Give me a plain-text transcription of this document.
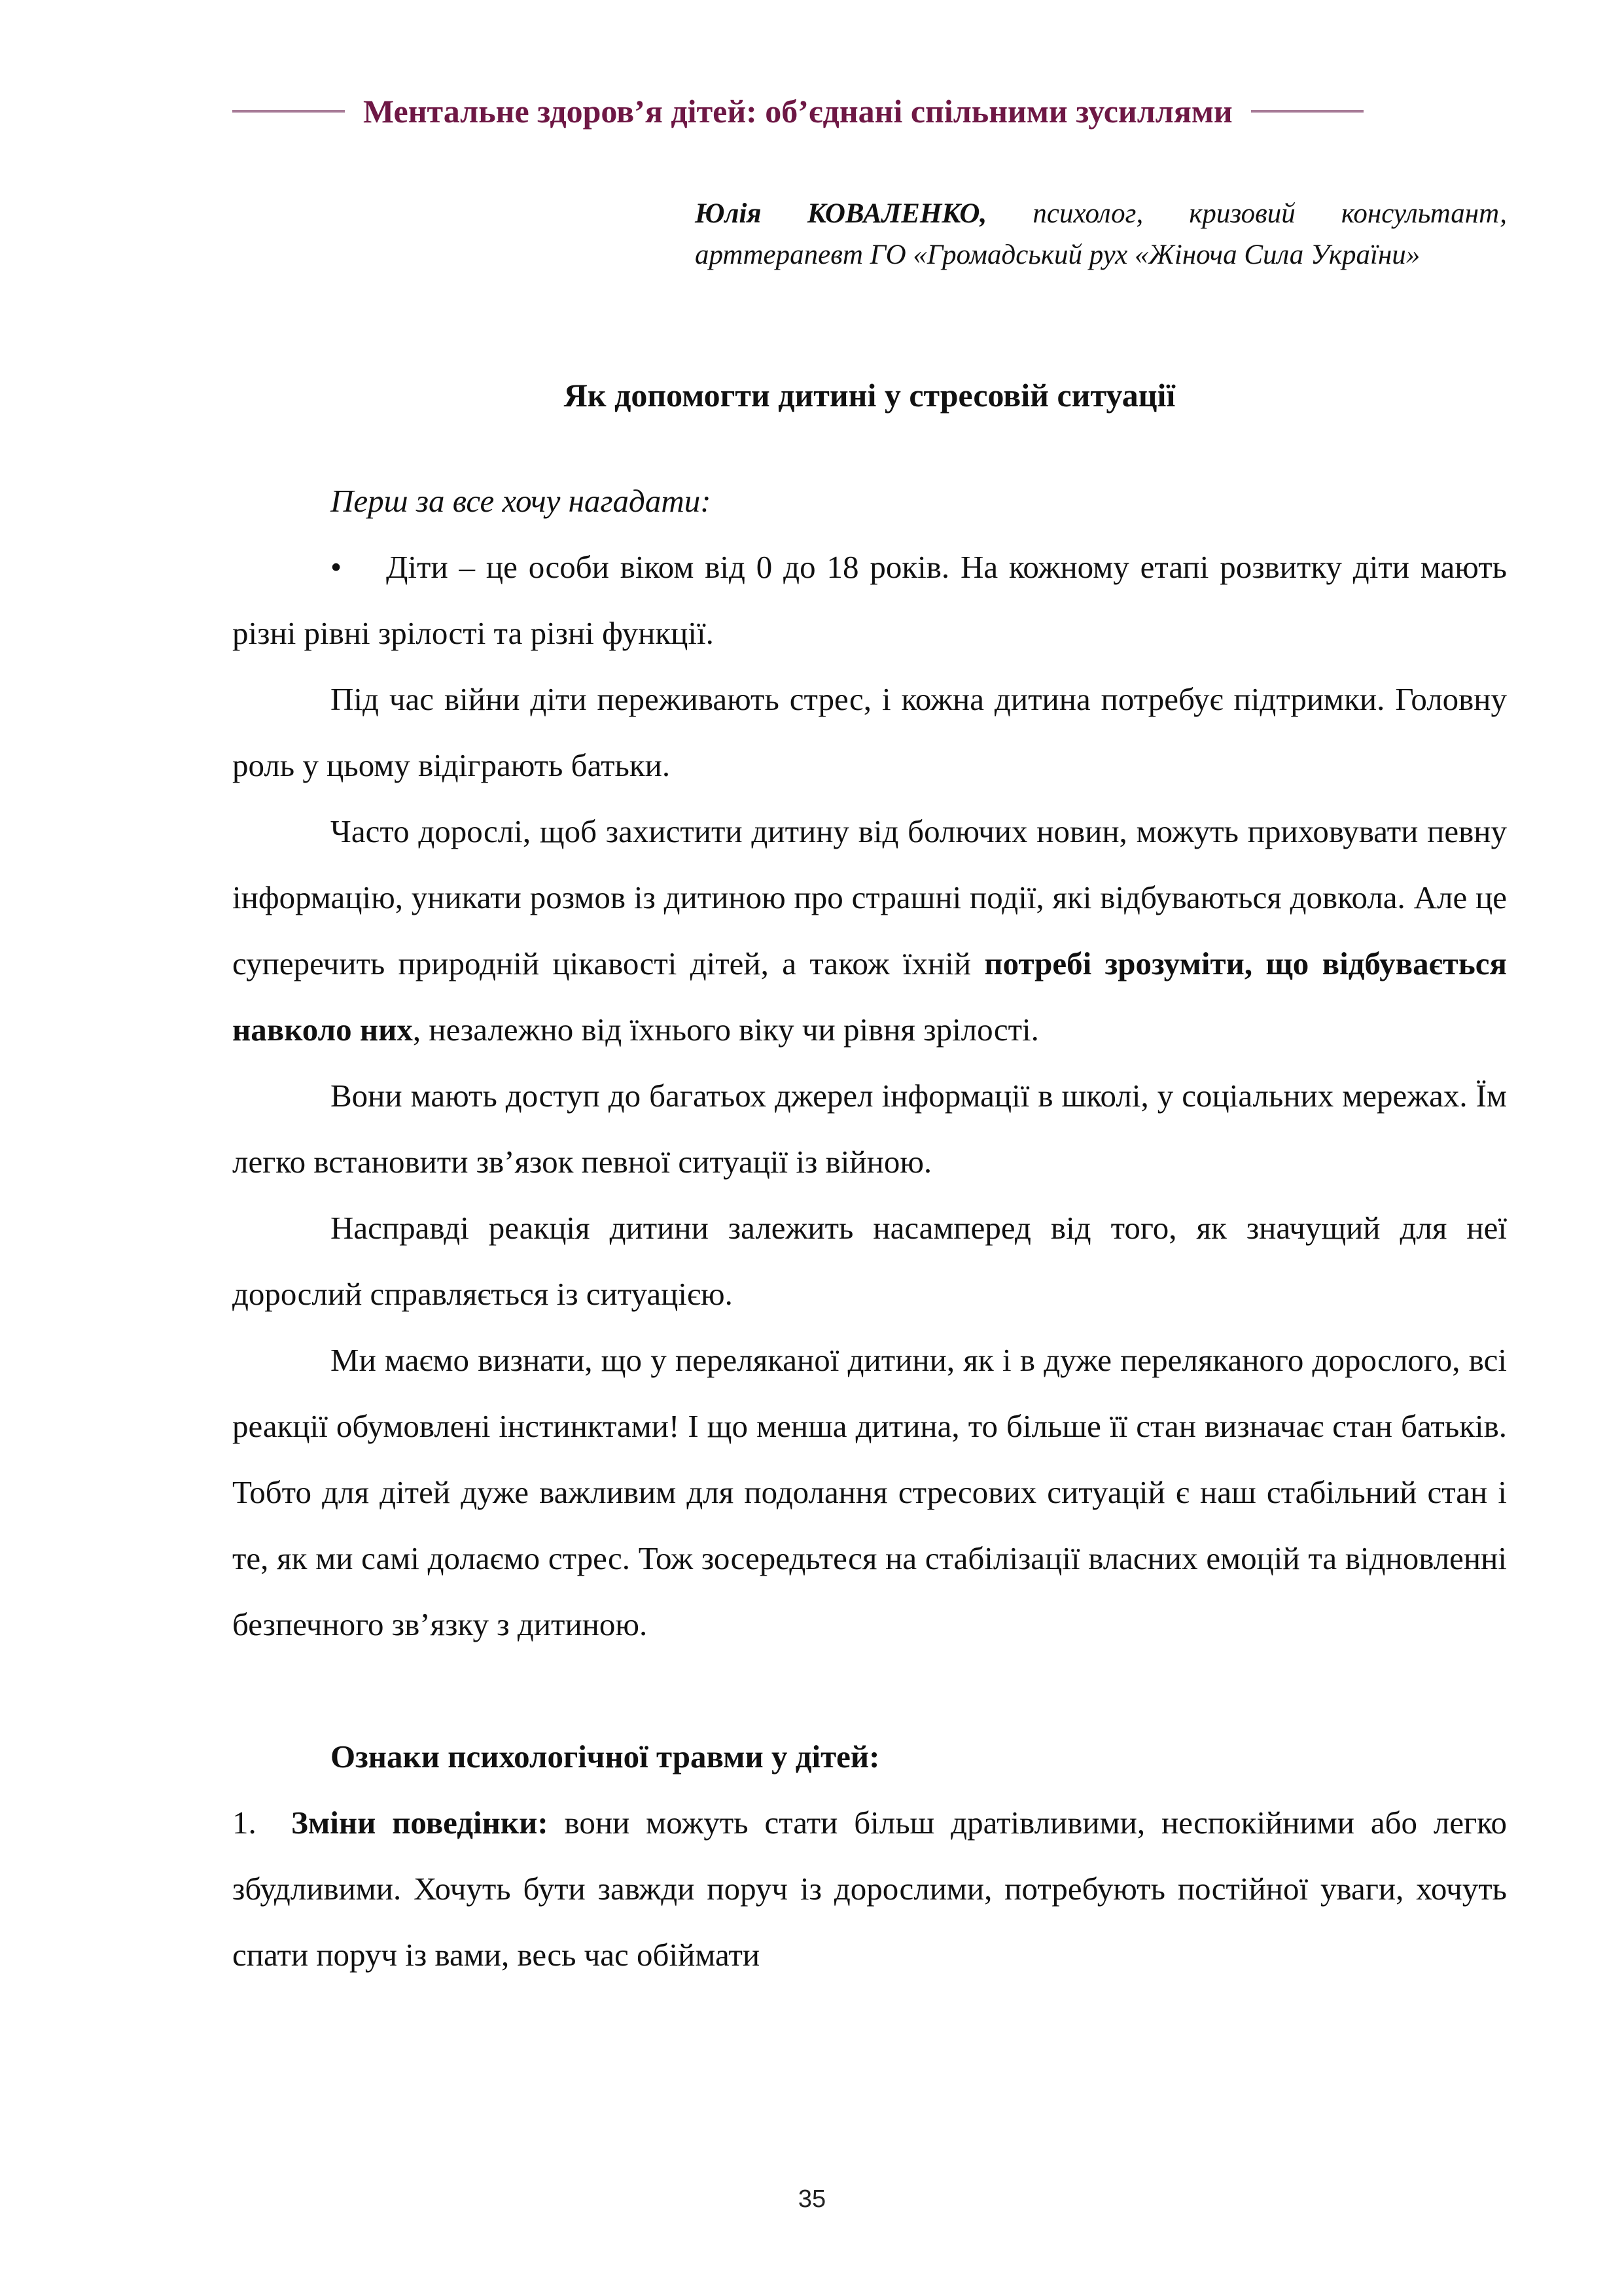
Ментальне здоров’я дітей: об’єднані спільними зусиллями
Юлія КОВАЛЕНКО, психолог, кризовий консультант, арттерапевт ГО «Громадський рух «Жіноча Сила України»
Як допомогти дитині у стресовій ситуації

Перш за все хочу нагадати:

• Діти – це особи віком від 0 до 18 років. На кожному етапі розвитку діти мають різні рівні зрілості та різні функції.

Під час війни діти переживають стрес, і кожна дитина потребує підтримки. Головну роль у цьому відіграють батьки.

Часто дорослі, щоб захистити дитину від болючих новин, можуть приховувати певну інформацію, уникати розмов із дитиною про страшні події, які відбуваються довкола. Але це суперечить природній цікавості дітей, а також їхній потребі зрозуміти, що відбувається навколо них, незалежно від їхнього віку чи рівня зрілості.

Вони мають доступ до багатьох джерел інформації в школі, у соціальних мережах. Їм легко встановити зв’язок певної ситуації із війною.

Насправді реакція дитини залежить насамперед від того, як значущий для неї дорослий справляється із ситуацією.

Ми маємо визнати, що у переляканої дитини, як і в дуже переляканого дорослого, всі реакції обумовлені інстинктами! І що менша дитина, то більше її стан визначає стан батьків. Тобто для дітей дуже важливим для подолання стресових ситуацій є наш стабільний стан і те, як ми самі долаємо стрес. Тож зосередьтеся на стабілізації власних емоцій та відновленні безпечного зв’язку з дитиною.

Ознаки психологічної травми у дітей:

1. Зміни поведінки: вони можуть стати більш дратівливими, неспокійними або легко збудливими. Хочуть бути завжди поруч із дорослими, потребують постійної уваги, хочуть спати поруч із вами, весь час обіймати

35
